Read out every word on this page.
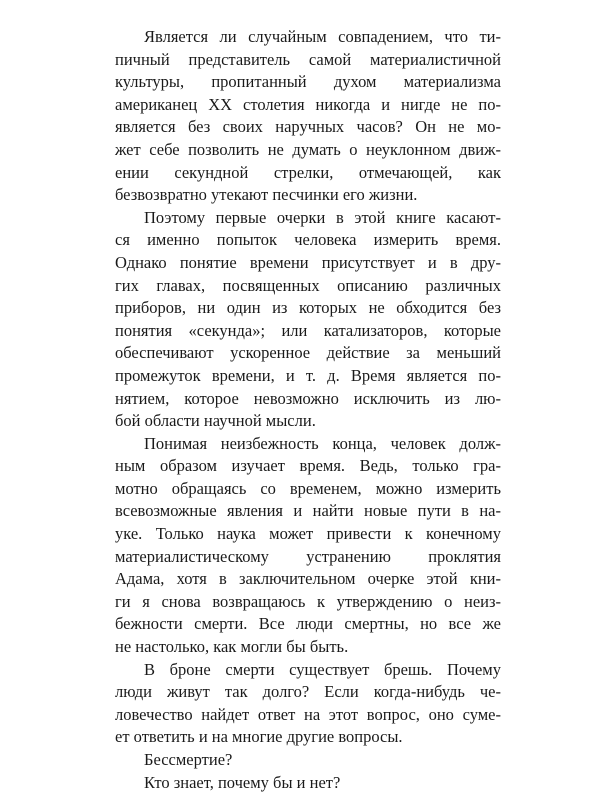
Является ли случайным совпадением, что ти-
пичный представитель самой материалистичной
культуры, пропитанный духом материализма
американец XX столетия никогда и нигде не по-
является без своих наручных часов? Он не мо-
жет себе позволить не думать о неуклонном движ-
ении секундной стрелки, отмечающей, как
безвозвратно утекают песчинки его жизни.
Поэтому первые очерки в этой книге касают-
ся именно попыток человека измерить время.
Однако понятие времени присутствует и в дру-
гих главах, посвященных описанию различных
приборов, ни один из которых не обходится без
понятия «секунда»; или катализаторов, которые
обеспечивают ускоренное действие за меньший
промежуток времени, и т. д. Время является по-
нятием, которое невозможно исключить из лю-
бой области научной мысли.
Понимая неизбежность конца, человек долж-
ным образом изучает время. Ведь, только гра-
мотно обращаясь со временем, можно измерить
всевозможные явления и найти новые пути в на-
уке. Только наука может привести к конечному
материалистическому устранению проклятия
Адама, хотя в заключительном очерке этой кни-
ги я снова возвращаюсь к утверждению о неиз-
бежности смерти. Все люди смертны, но все же
не настолько, как могли бы быть.
В броне смерти существует брешь. Почему
люди живут так долго? Если когда-нибудь че-
ловечество найдет ответ на этот вопрос, оно суме-
ет ответить и на многие другие вопросы.
Бессмертие?
Кто знает, почему бы и нет?
